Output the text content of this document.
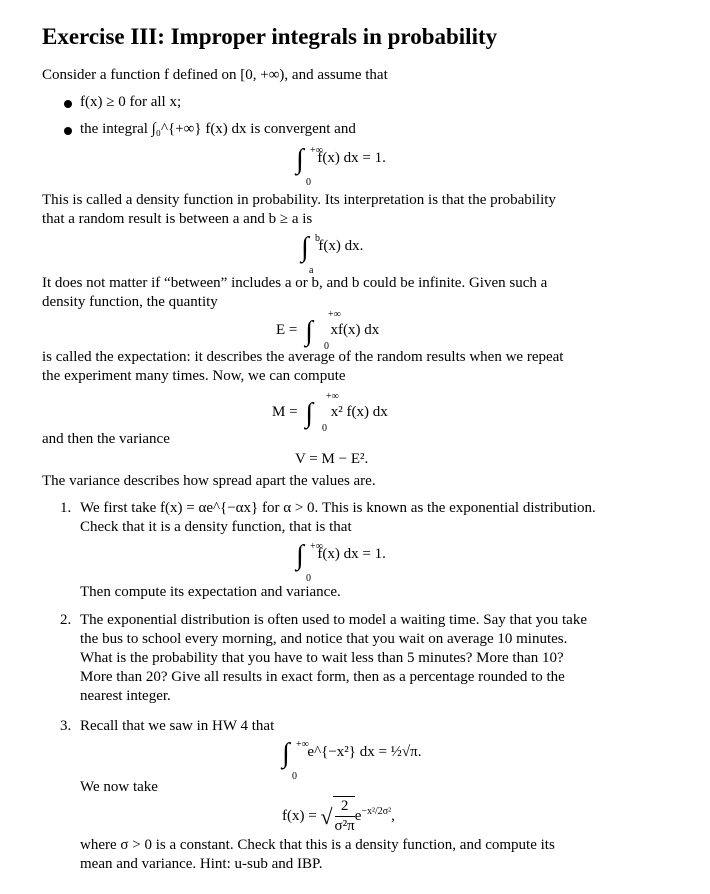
Exercise III: Improper integrals in probability

Consider a function f defined on [0, +∞), and assume that

f(x) ≥ 0 for all x;

the integral ∫₀^{+∞} f(x) dx is convergent and

∫ +∞
0
f(x) dx = 1.

This is called a density function in probability. Its interpretation is that the probability

that a random result is between a and b ≥ a is

∫ b
a
f(x) dx.

It does not matter if “between” includes a or b, and b could be infinite. Given such a

density function, the quantity

E = ∫
+∞
0
xf(x) dx

is called the expectation: it describes the average of the random results when we repeat

the experiment many times. Now, we can compute

M = ∫
+∞
0
x² f(x) dx

and then the variance

V = M − E².

The variance describes how spread apart the values are.

1. We first take f(x) = αe^{−αx} for α > 0. This is known as the exponential distribution.

Check that it is a density function, that is that

∫ +∞
0
f(x) dx = 1.

Then compute its expectation and variance.

2. The exponential distribution is often used to model a waiting time. Say that you take

the bus to school every morning, and notice that you wait on average 10 minutes.

What is the probability that you have to wait less than 5 minutes? More than 10?

More than 20? Give all results in exact form, then as a percentage rounded to the

nearest integer.

3. Recall that we saw in HW 4 that

∫ +∞
0
e^{−x²} dx = ½√π.

We now take

f(x) = √ $\frac{2}{\text{σ²π}} e^{-x^2/2\sigma^2}$,

where σ > 0 is a constant. Check that this is a density function, and compute its

mean and variance. Hint: u-sub and IBP.
